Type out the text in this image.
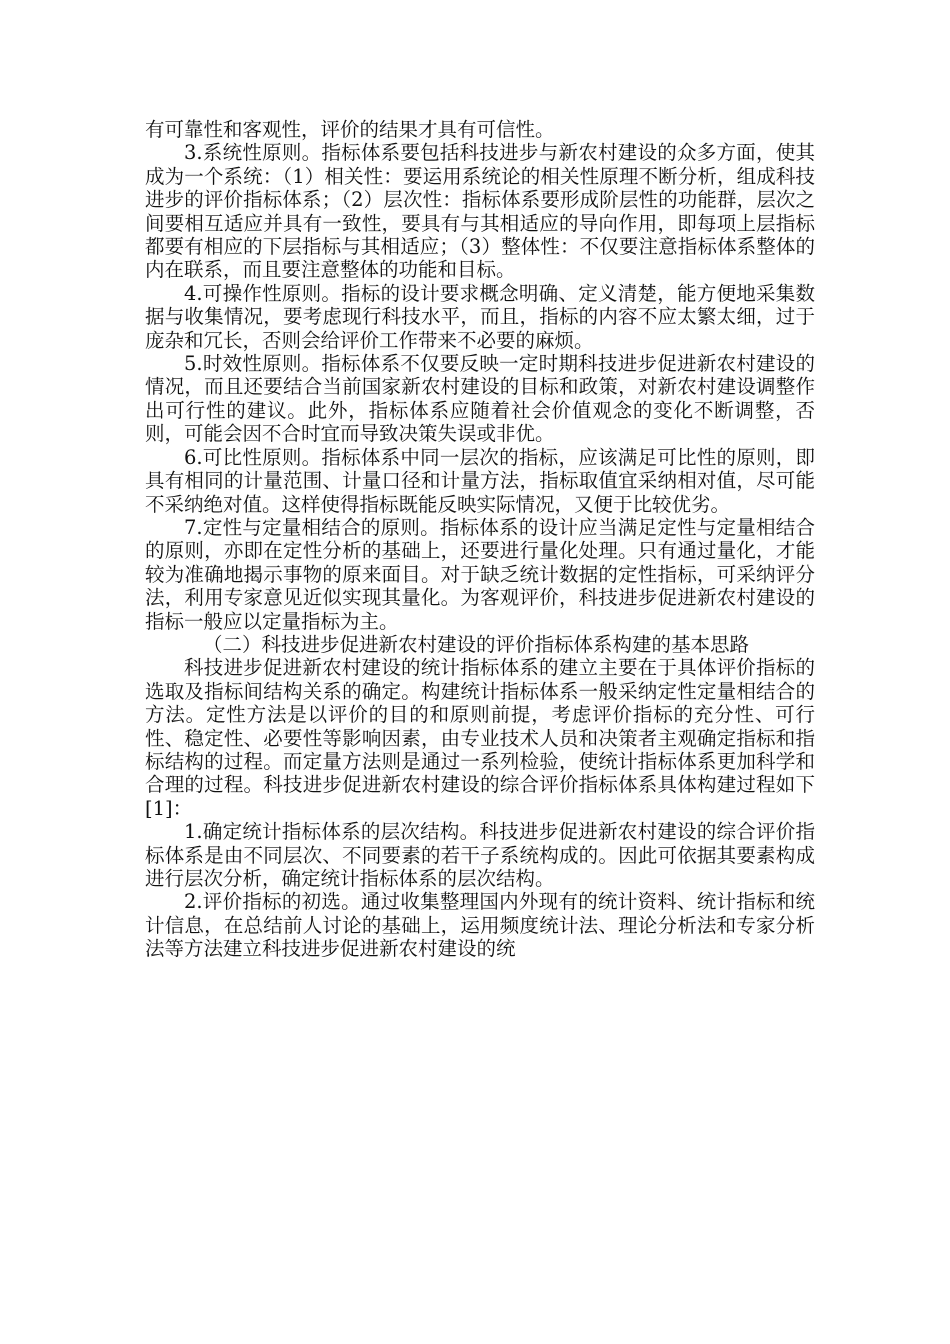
有可靠性和客观性，评价的结果才具有可信性。

3.系统性原则。指标体系要包括科技进步与新农村建设的众多方面，使其成为一个系统：（1）相关性：要运用系统论的相关性原理不断分析，组成科技进步的评价指标体系；（2）层次性：指标体系要形成阶层性的功能群，层次之间要相互适应并具有一致性，要具有与其相适应的导向作用，即每项上层指标都要有相应的下层指标与其相适应；（3）整体性：不仅要注意指标体系整体的内在联系，而且要注意整体的功能和目标。

4.可操作性原则。指标的设计要求概念明确、定义清楚，能方便地采集数据与收集情况，要考虑现行科技水平，而且，指标的内容不应太繁太细，过于庞杂和冗长，否则会给评价工作带来不必要的麻烦。

5.时效性原则。指标体系不仅要反映一定时期科技进步促进新农村建设的情况，而且还要结合当前国家新农村建设的目标和政策，对新农村建设调整作出可行性的建议。此外，指标体系应随着社会价值观念的变化不断调整，否则，可能会因不合时宜而导致决策失误或非优。

6.可比性原则。指标体系中同一层次的指标，应该满足可比性的原则，即具有相同的计量范围、计量口径和计量方法，指标取值宜采纳相对值，尽可能不采纳绝对值。这样使得指标既能反映实际情况，又便于比较优劣。

7.定性与定量相结合的原则。指标体系的设计应当满足定性与定量相结合的原则，亦即在定性分析的基础上，还要进行量化处理。只有通过量化，才能较为准确地揭示事物的原来面目。对于缺乏统计数据的定性指标，可采纳评分法，利用专家意见近似实现其量化。为客观评价，科技进步促进新农村建设的指标一般应以定量指标为主。

（二）科技进步促进新农村建设的评价指标体系构建的基本思路

科技进步促进新农村建设的统计指标体系的建立主要在于具体评价指标的选取及指标间结构关系的确定。构建统计指标体系一般采纳定性定量相结合的方法。定性方法是以评价的目的和原则前提，考虑评价指标的充分性、可行性、稳定性、必要性等影响因素，由专业技术人员和决策者主观确定指标和指标结构的过程。而定量方法则是通过一系列检验，使统计指标体系更加科学和合理的过程。科技进步促进新农村建设的综合评价指标体系具体构建过程如下[1]：

1.确定统计指标体系的层次结构。科技进步促进新农村建设的综合评价指标体系是由不同层次、不同要素的若干子系统构成的。因此可依据其要素构成进行层次分析，确定统计指标体系的层次结构。

2.评价指标的初选。通过收集整理国内外现有的统计资料、统计指标和统计信息，在总结前人讨论的基础上，运用频度统计法、理论分析法和专家分析法等方法建立科技进步促进新农村建设的统
